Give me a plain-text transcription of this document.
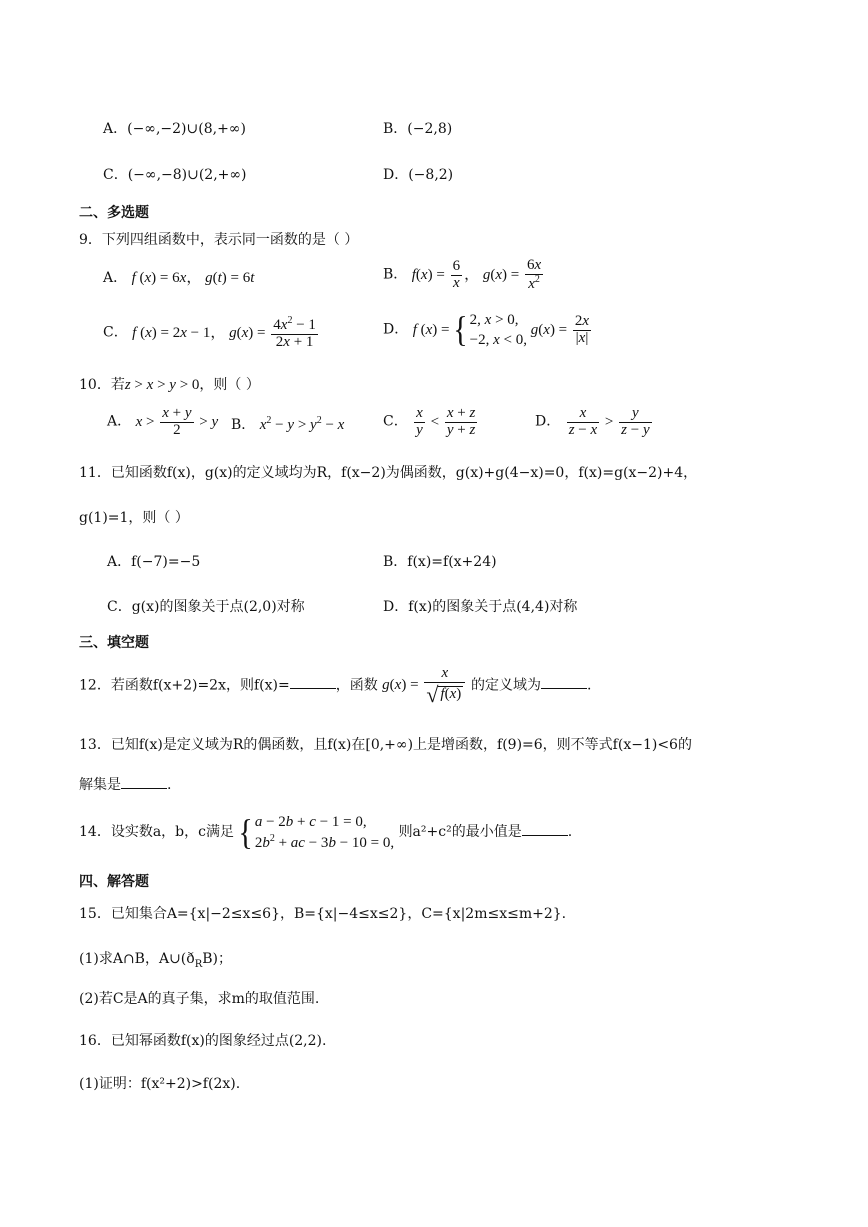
A．(−∞,−2)∪(8,+∞)	B．(−2,8)
C．(−∞,−8)∪(2,+∞)	D．(−8,2)
二、多选题
9．下列四组函数中，表示同一函数的是（ ）
A． f (x) = 6x， g(t) = 6t	B． $f(x) = \frac{6}{x}$ ， $g(x) = \frac{6x}{x^2}$
C． f (x) = 2x − 1， $g(x) = \frac{4x^2 - 1}{2x + 1}$	D． f (x) = { 2, x > 0,
−2, x < 0, $g(x) = \frac{2x}{|x|}$
10．若z > x > y > 0，则（ ）
A． $x > \frac{x + y}{2} > y$ B． $x^2 - y > y^2 - x$	C． $\frac{x}{y} < \frac{x + z}{y + z}$	D． $\frac{x}{z - x} > \frac{y}{z - y}$
11．已知函数f(x)，g(x)的定义域均为R，f(x−2)为偶函数，g(x)+g(4−x)=0，f(x)=g(x−2)+4，
g(1)=1，则（ ）
A．f(−7)=−5	B．f(x)=f(x+24)
C．g(x)的图象关于点(2,0)对称	D．f(x)的图象关于点(4,4)对称
三、填空题
12．若函数f(x+2)=2x，则f(x)=	，函数 $g(x) = \frac{x}{√ f(x)}$ 的定义域为	.
13．已知f(x)是定义域为R的偶函数，且f(x)在[0,+∞)上是增函数，f(9)=6，则不等式f(x−1)<6的
解集是	.
14．设实数a，b，c满足 { a − 2b + c − 1 = 0,
$2b^2$ + ac − 3b − 10 = 0, 则a²+c²的最小值是	.
四、解答题
15．已知集合A={x|−2≤x≤6}，B={x|−4≤x≤2}，C={x|2m≤x≤m+2}.
(1)求A∩B，$A\cup(ð_RB)$；
(2)若C是A的真子集，求m的取值范围.
16．已知幂函数f(x)的图象经过点(2,2).
(1)证明：f(x²+2)>f(2x).
